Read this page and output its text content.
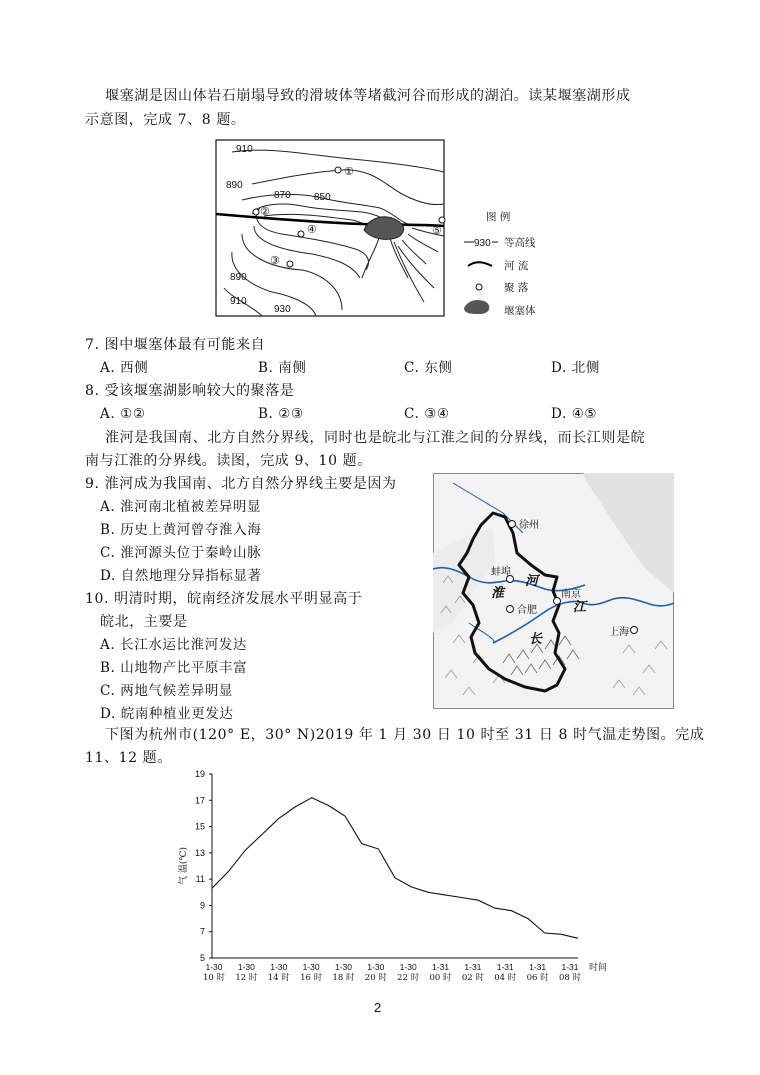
堰塞湖是因山体岩石崩塌导致的滑坡体等堵截河谷而形成的湖泊。读某堰塞湖形成
示意图，完成 7、8 题。
910
890
870 850
890
910
930
①
②
③
④	⑤
图 例
930 等高线
河 流
聚 落
堰塞体
7. 图中堰塞体最有可能来自
A. 西侧	B. 南侧	C. 东侧	D. 北侧
8. 受该堰塞湖影响较大的聚落是
A. ①②	B. ②③	C. ③④	D. ④⑤
淮河是我国南、北方自然分界线，同时也是皖北与江淮之间的分界线，而长江则是皖
南与江淮的分界线。读图，完成 9、10 题。
9. 淮河成为我国南、北方自然分界线主要是因为
A. 淮河南北植被差异明显
B. 历史上黄河曾夺淮入海
C. 淮河源头位于秦岭山脉
D. 自然地理分异指标显著
10. 明清时期，皖南经济发展水平明显高于
皖北，主要是
A. 长江水运比淮河发达
B. 山地物产比平原丰富
C. 两地气候差异明显
D. 皖南种植业更发达
徐州
蚌埠
合肥
南京
上海
河
淮
江
长
下图为杭州市(120° E，30° N)2019 年 1 月 30 日 10 时至 31 日 8 时气温走势图。完成
11、12 题。
5
7
9
11
13
15
17
19
1-30
10 时
1-30
12 时
1-30
14 时
1-30
16 时
1-30
18 时
1-30
20 时
1-30
22 时
1-31
00 时
1-31
02 时
1-31
04 时
1-31
06 时
1-31
08 时
时间
气 温(℃)
2
